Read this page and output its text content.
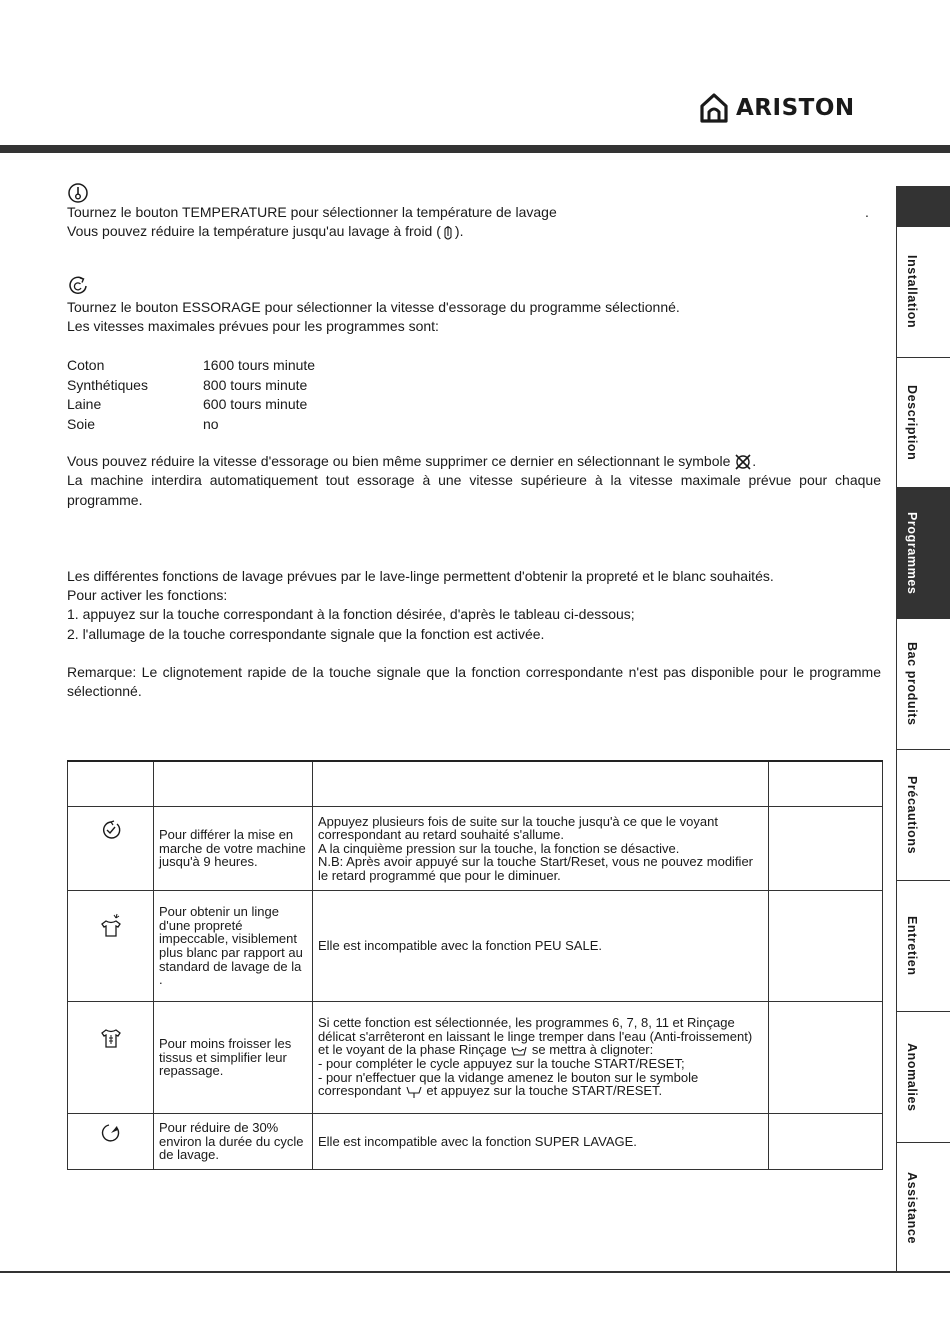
ARISTON
Installation
Description
Programmes
Bac produits
Précautions
Entretien
Anomalies
Assistance

Tournez le bouton TEMPERATURE pour sélectionner la température de lavage	.

Vous pouvez réduire la température jusqu'au lavage à froid ( ).

Tournez le bouton ESSORAGE pour sélectionner la vitesse d'essorage du programme sélectionné.
Les vitesses maximales prévues pour les programmes sont:

Coton	1600 tours minute
Synthétiques	800 tours minute
Laine	600 tours minute
Soie	no

Vous pouvez réduire la vitesse d'essorage ou bien même supprimer ce dernier en sélectionnant le symbole .
La machine interdira automatiquement tout essorage à une vitesse supérieure à la vitesse maximale prévue pour chaque programme.

Les différentes fonctions de lavage prévues par le lave-linge permettent d'obtenir la propreté et le blanc souhaités.
Pour activer les fonctions:
1. appuyez sur la touche correspondant à la fonction désirée, d'après le tableau ci-dessous;
2. l'allumage de la touche correspondante signale que la fonction est activée.

Remarque: Le clignotement rapide de la touche signale que la fonction correspondante n'est pas disponible pour le programme sélectionné.

	Pour différer la mise en marche de votre machine jusqu'à 9 heures.	Appuyez plusieurs fois de suite sur la touche jusqu'à ce que le voyant correspondant au retard souhaité s'allume.
A la cinquième pression sur la touche, la fonction se désactive.
N.B: Après avoir appuyé sur la touche Start/Reset, vous ne pouvez modifier le retard programmé que pour le diminuer.	
	Pour obtenir un linge d'une propreté impeccable, visiblement plus blanc par rapport au standard de lavage de la .	Elle est incompatible avec la fonction PEU SALE.	
	Pour moins froisser les tissus et simplifier leur repassage.	Si cette fonction est sélectionnée, les programmes 6, 7, 8, 11 et Rinçage délicat s'arrêteront en laissant le linge tremper dans l'eau (Anti-froissement) et le voyant de la phase Rinçage  se mettra à clignoter:
- pour compléter le cycle appuyez sur la touche START/RESET;
- pour n'effectuer que la vidange amenez le bouton sur le symbole correspondant  et appuyez sur la touche START/RESET.	
	Pour réduire de 30% environ la durée du cycle de lavage.	Elle est incompatible avec la fonction SUPER LAVAGE.	
